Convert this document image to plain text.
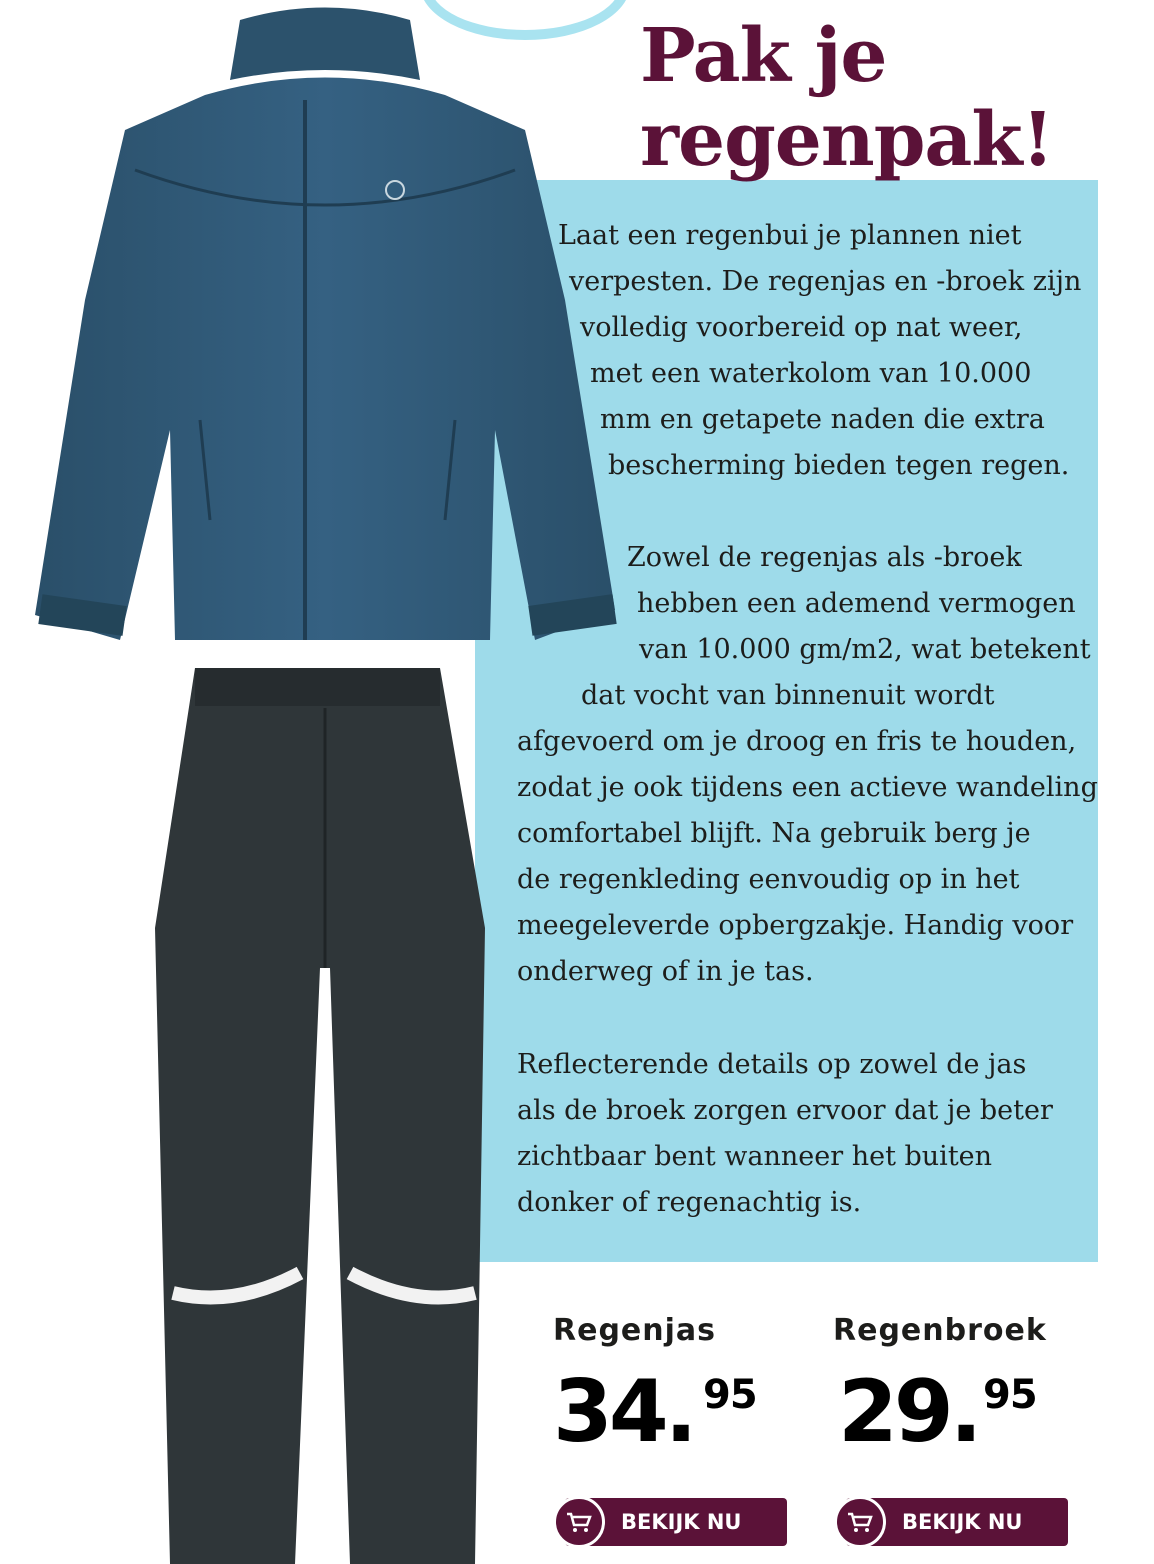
Pak je
regenpak!
Laat een regenbui je plannen niet
verpesten. De regenjas en -broek zijn
volledig voorbereid op nat weer,
met een waterkolom van 10.000
mm en getapete naden die extra
bescherming bieden tegen regen.
Zowel de regenjas als -broek
hebben een ademend vermogen
van 10.000 gm/m2, wat betekent
dat vocht van binnenuit wordt
afgevoerd om je droog en fris te houden,
zodat je ook tijdens een actieve wandeling
comfortabel blijft. Na gebruik berg je
de regenkleding eenvoudig op in het
meegeleverde opbergzakje. Handig voor
onderweg of in je tas.
Reflecterende details op zowel de jas
als de broek zorgen ervoor dat je beter
zichtbaar bent wanneer het buiten
donker of regenachtig is.

Regenjas

34. 95
BEKIJK NU

Regenbroek

29. 95
BEKIJK NU
